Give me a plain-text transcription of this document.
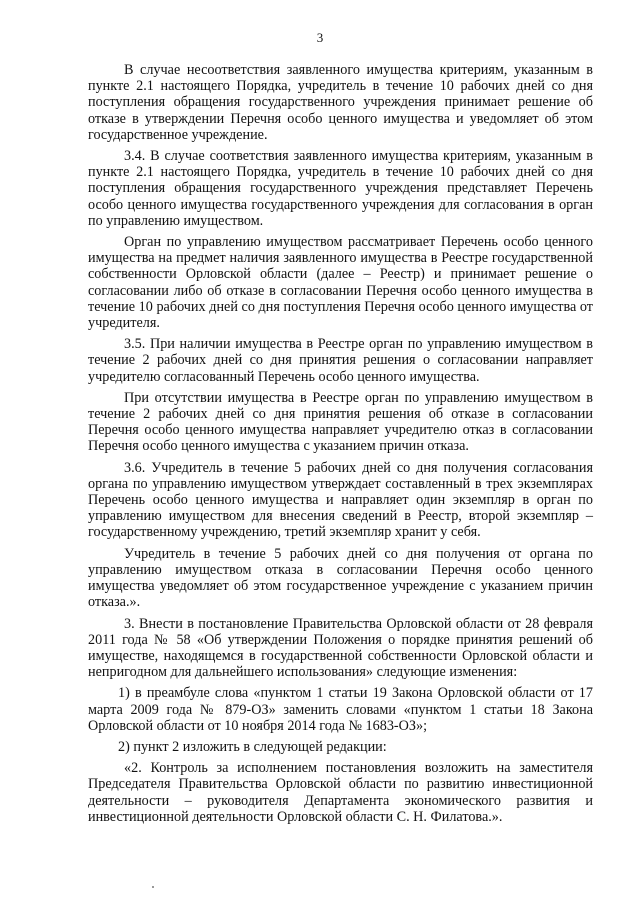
3

В случае несоответствия заявленного имущества критериям, указанным в пункте 2.1 настоящего Порядка, учредитель в течение 10 рабочих дней со дня поступления обращения государственного учреждения принимает решение об отказе в утверждении Перечня особо ценного имущества и уведомляет об этом государственное учреждение.

3.4. В случае соответствия заявленного имущества критериям, указанным в пункте 2.1 настоящего Порядка, учредитель в течение 10 рабочих дней со дня поступления обращения государственного учреждения представляет Перечень особо ценного имущества государственного учреждения для согласования в орган по управлению имуществом.

Орган по управлению имуществом рассматривает Перечень особо ценного имущества на предмет наличия заявленного имущества в Реестре государственной собственности Орловской области (далее – Реестр) и принимает решение о согласовании либо об отказе в согласовании Перечня особо ценного имущества в течение 10 рабочих дней со дня поступления Перечня особо ценного имущества от учредителя.

3.5. При наличии имущества в Реестре орган по управлению имуществом в течение 2 рабочих дней со дня принятия решения о согласовании направляет учредителю согласованный Перечень особо ценного имущества.

При отсутствии имущества в Реестре орган по управлению имуществом в течение 2 рабочих дней со дня принятия решения об отказе в согласовании Перечня особо ценного имущества направляет учредителю отказ в согласовании Перечня особо ценного имущества с указанием причин отказа.

3.6. Учредитель в течение 5 рабочих дней со дня получения согласования органа по управлению имуществом утверждает составленный в трех экземплярах Перечень особо ценного имущества и направляет один экземпляр в орган по управлению имуществом для внесения сведений в Реестр, второй экземпляр – государственному учреждению, третий экземпляр хранит у себя.

Учредитель в течение 5 рабочих дней со дня получения от органа по управлению имуществом отказа в согласовании Перечня особо ценного имущества уведомляет об этом государственное учреждение с указанием причин отказа.».

3. Внести в постановление Правительства Орловской области от 28 февраля 2011 года № 58 «Об утверждении Положения о порядке принятия решений об имуществе, находящемся в государственной собственности Орловской области и непригодном для дальнейшего использования» следующие изменения:

1) в преамбуле слова «пунктом 1 статьи 19 Закона Орловской области от 17 марта 2009 года № 879-ОЗ» заменить словами «пунктом 1 статьи 18 Закона Орловской области от 10 ноября 2014 года № 1683-ОЗ»;

2) пункт 2 изложить в следующей редакции:

«2. Контроль за исполнением постановления возложить на заместителя Председателя Правительства Орловской области по развитию инвестиционной деятельности – руководителя Департамента экономического развития и инвестиционной деятельности Орловской области С. Н. Филатова.».
